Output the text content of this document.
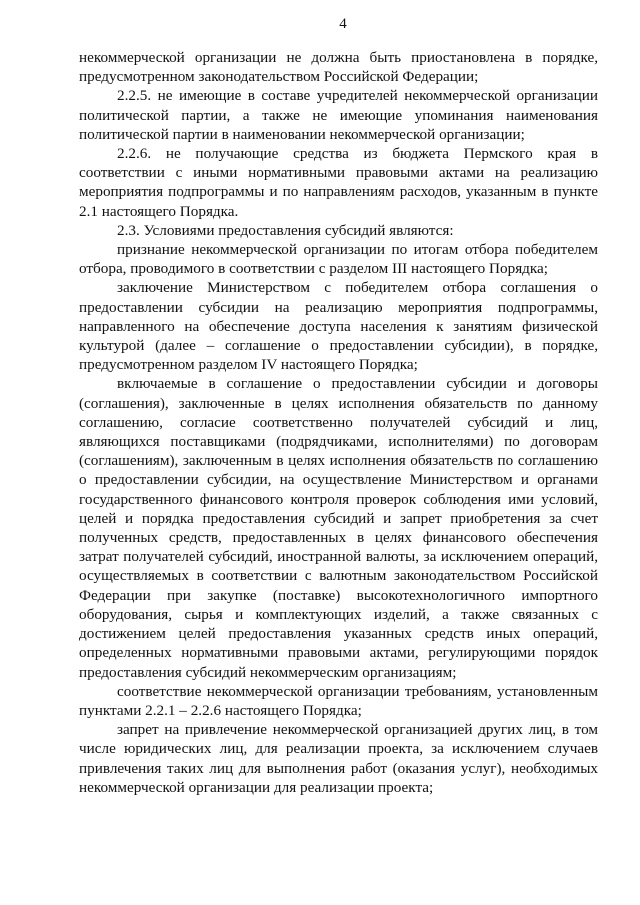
4

некоммерческой организации не должна быть приостановлена в порядке, предусмотренном законодательством Российской Федерации;

2.2.5. не имеющие в составе учредителей некоммерческой организации политической партии, а также не имеющие упоминания наименования политической партии в наименовании некоммерческой организации;

2.2.6. не получающие средства из бюджета Пермского края в соответствии с иными нормативными правовыми актами на реализацию мероприятия подпрограммы и по направлениям расходов, указанным в пункте 2.1 настоящего Порядка.

2.3. Условиями предоставления субсидий являются:

признание некоммерческой организации по итогам отбора победителем отбора, проводимого в соответствии с разделом III настоящего Порядка;

заключение Министерством с победителем отбора соглашения о предоставлении субсидии на реализацию мероприятия подпрограммы, направленного на обеспечение доступа населения к занятиям физической культурой (далее – соглашение о предоставлении субсидии), в порядке, предусмотренном разделом IV настоящего Порядка;

включаемые в соглашение о предоставлении субсидии и договоры (соглашения), заключенные в целях исполнения обязательств по данному соглашению, согласие соответственно получателей субсидий и лиц, являющихся поставщиками (подрядчиками, исполнителями) по договорам (соглашениям), заключенным в целях исполнения обязательств по соглашению о предоставлении субсидии, на осуществление Министерством и органами государственного финансового контроля проверок соблюдения ими условий, целей и порядка предоставления субсидий и запрет приобретения за счет полученных средств, предоставленных в целях финансового обеспечения затрат получателей субсидий, иностранной валюты, за исключением операций, осуществляемых в соответствии с валютным законодательством Российской Федерации при закупке (поставке) высокотехнологичного импортного оборудования, сырья и комплектующих изделий, а также связанных с достижением целей предоставления указанных средств иных операций, определенных нормативными правовыми актами, регулирующими порядок предоставления субсидий некоммерческим организациям;

соответствие некоммерческой организации требованиям, установленным пунктами 2.2.1 – 2.2.6 настоящего Порядка;

запрет на привлечение некоммерческой организацией других лиц, в том числе юридических лиц, для реализации проекта, за исключением случаев привлечения таких лиц для выполнения работ (оказания услуг), необходимых некоммерческой организации для реализации проекта;
